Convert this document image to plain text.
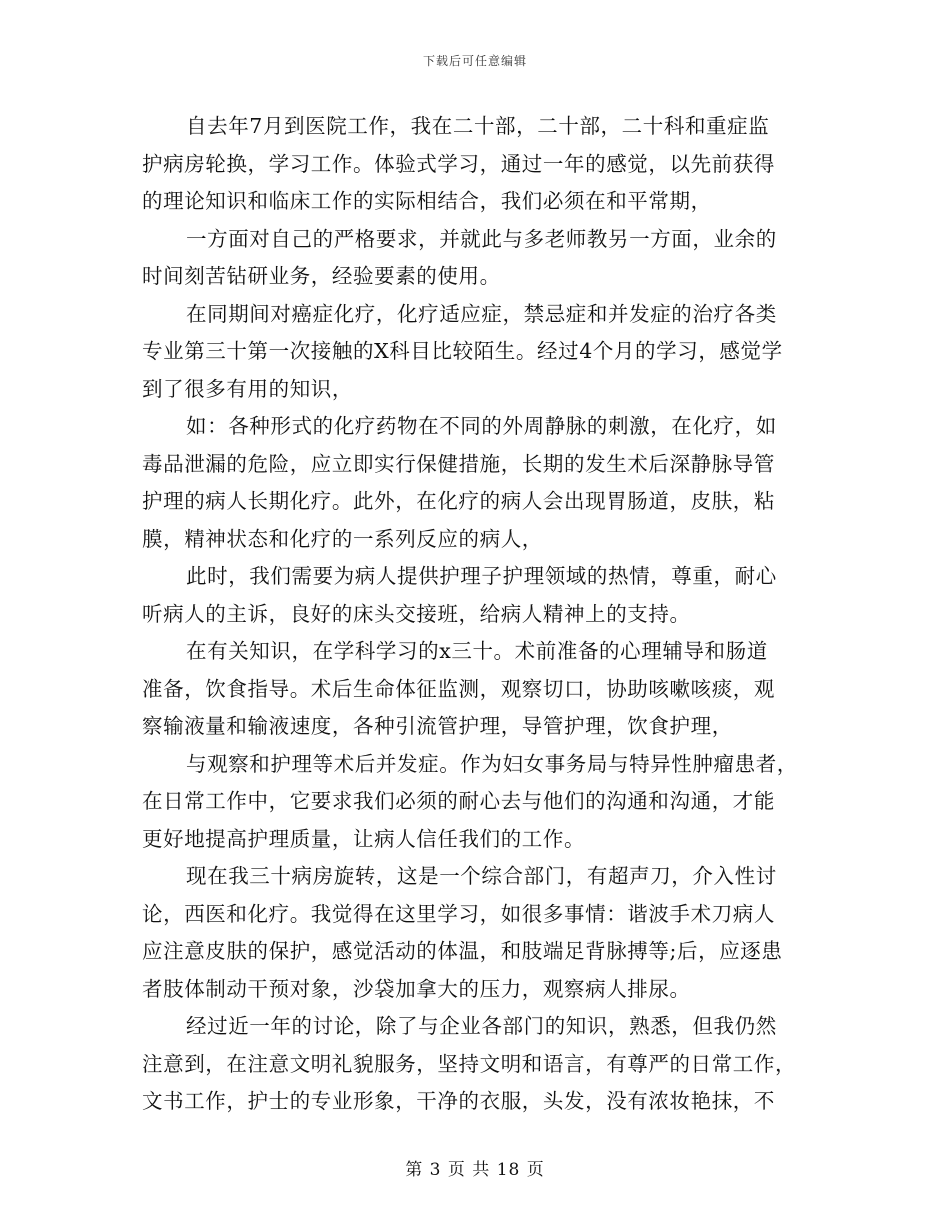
下载后可任意编辑
自去年7月到医院工作，我在二十部，二十部，二十科和重症监
护病房轮换，学习工作。体验式学习，通过一年的感觉，以先前获得
的理论知识和临床工作的实际相结合，我们必须在和平常期，
一方面对自己的严格要求，并就此与多老师教另一方面，业余的
时间刻苦钻研业务，经验要素的使用。
在同期间对癌症化疗，化疗适应症，禁忌症和并发症的治疗各类
专业第三十第一次接触的X科目比较陌生。经过4个月的学习，感觉学
到了很多有用的知识，
如：各种形式的化疗药物在不同的外周静脉的刺激，在化疗，如
毒品泄漏的危险，应立即实行保健措施，长期的发生术后深静脉导管
护理的病人长期化疗。此外，在化疗的病人会出现胃肠道，皮肤，粘
膜，精神状态和化疗的一系列反应的病人，
此时，我们需要为病人提供护理子护理领域的热情，尊重，耐心
听病人的主诉，良好的床头交接班，给病人精神上的支持。
在有关知识，在学科学习的x三十。术前准备的心理辅导和肠道
准备，饮食指导。术后生命体征监测，观察切口，协助咳嗽咳痰，观
察输液量和输液速度，各种引流管护理，导管护理，饮食护理，
与观察和护理等术后并发症。作为妇女事务局与特异性肿瘤患者，
在日常工作中，它要求我们必须的耐心去与他们的沟通和沟通，才能
更好地提高护理质量，让病人信任我们的工作。
现在我三十病房旋转，这是一个综合部门，有超声刀，介入性讨
论，西医和化疗。我觉得在这里学习，如很多事情：谐波手术刀病人
应注意皮肤的保护，感觉活动的体温，和肢端足背脉搏等;后，应逐患
者肢体制动干预对象，沙袋加拿大的压力，观察病人排尿。
经过近一年的讨论，除了与企业各部门的知识，熟悉，但我仍然
注意到，在注意文明礼貌服务，坚持文明和语言，有尊严的日常工作，
文书工作，护士的专业形象，干净的衣服，头发，没有浓妆艳抹，不
第 3 页 共 18 页
